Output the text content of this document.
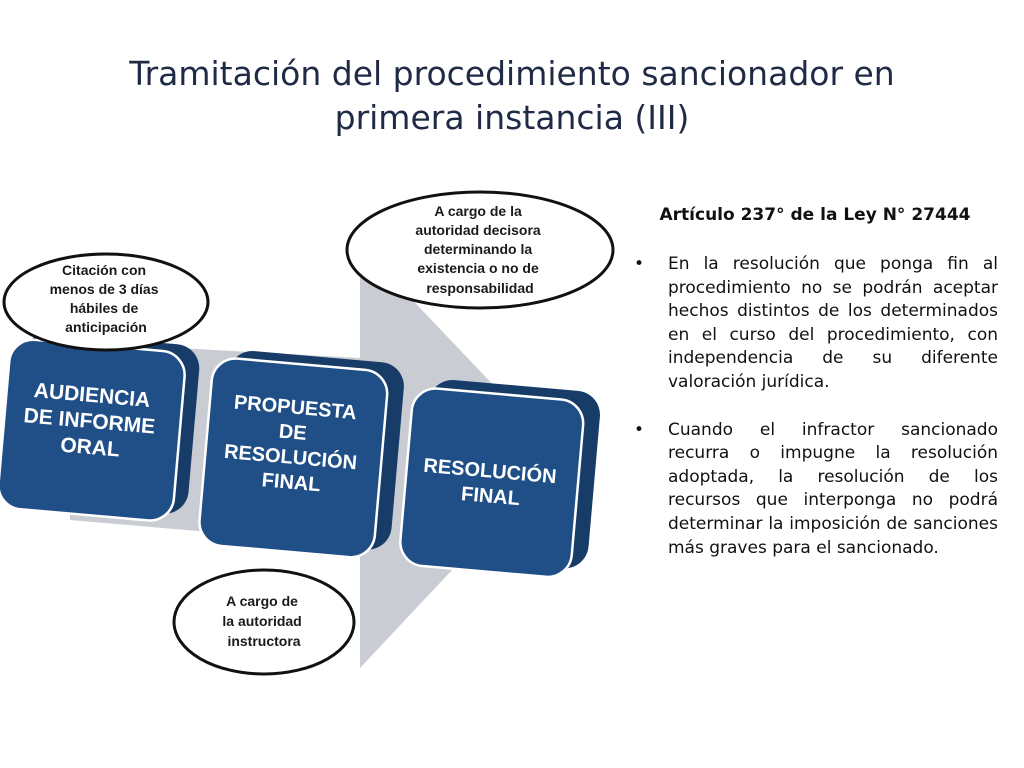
Tramitación del procedimiento sancionador en
primera instancia (III)
AUDIENCIA DE INFORME ORAL
PROPUESTA DE RESOLUCIÓN FINAL	RESOLUCIÓN FINAL
Citación con menos de 3 días hábiles de anticipación
A cargo de la autoridad decisora determinando la existencia o no de responsabilidad
A cargo de la autoridad instructora

Artículo 237° de la Ley N° 27444

• En la resolución que ponga fin al procedimiento no se podrán aceptar hechos distintos de los determinados en el curso del procedimiento, con independencia de su diferente valoración jurídica.
• Cuando el infractor sancionado recurra o impugne la resolución adoptada, la resolución de los recursos que interponga no podrá determinar la imposición de sanciones más graves para el sancionado.
